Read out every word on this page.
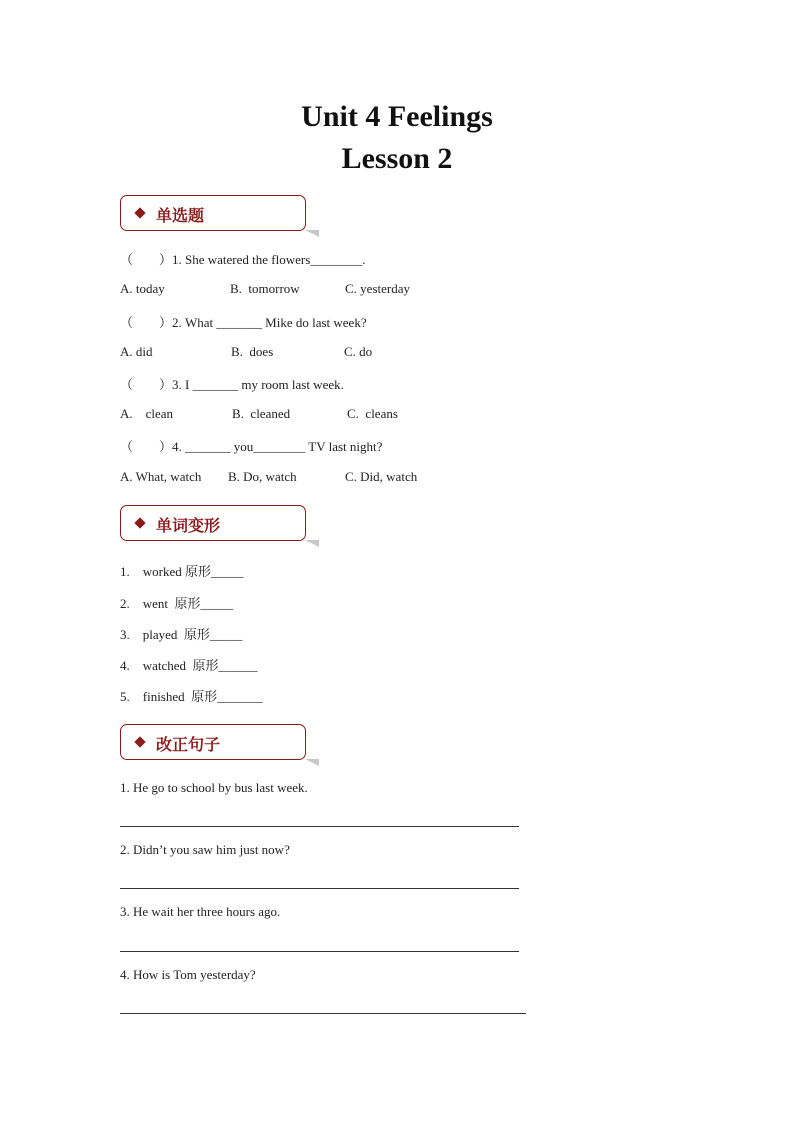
Unit 4 Feelings
Lesson 2
单选题
（        ）1. She watered the flowers________.
A. today	B.  tomorrow	C. yesterday
（        ）2. What _______ Mike do last week?
A. did	B.  does	C. do
（        ）3. I _______ my room last week.
A.    clean	B.  cleaned	C.  cleans
（        ）4. _______ you________ TV last night?
A. What, watch B. Do, watch	C. Did, watch
单词变形
1.    worked 原形_____
2.    went  原形_____
3.    played  原形_____
4.    watched  原形______
5.    finished  原形_______
改正句子
1. He go to school by bus last week.
2. Didn’t you saw him just now?
3. He wait her three hours ago.
4. How is Tom yesterday?
